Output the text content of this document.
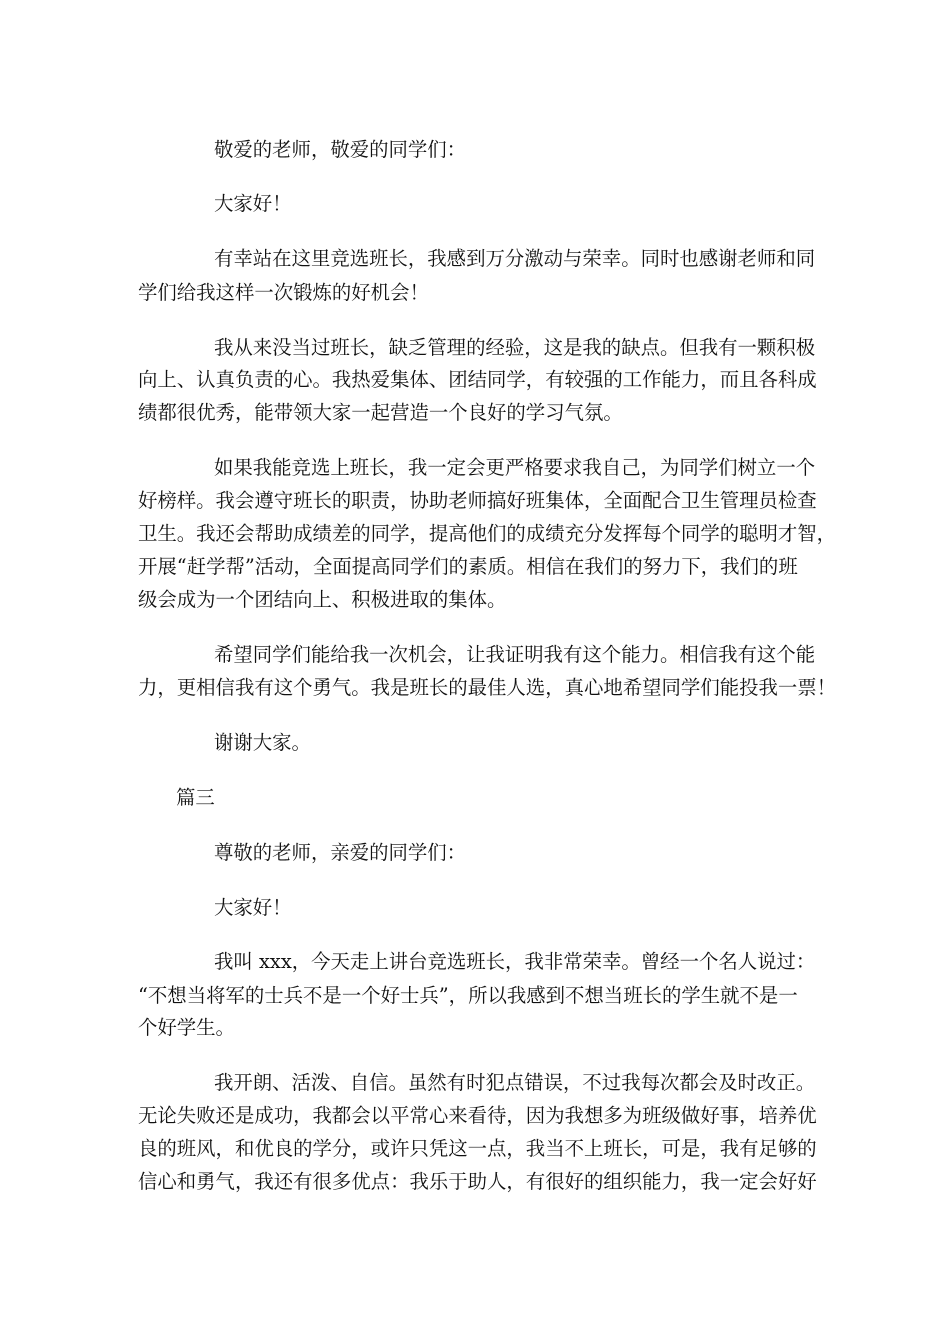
敬爱的老师，敬爱的同学们：
大家好！
有幸站在这里竞选班长，我感到万分激动与荣幸。同时也感谢老师和同
学们给我这样一次锻炼的好机会！
我从来没当过班长，缺乏管理的经验，这是我的缺点。但我有一颗积极
向上、认真负责的心。我热爱集体、团结同学，有较强的工作能力，而且各科成
绩都很优秀，能带领大家一起营造一个良好的学习气氛。
如果我能竞选上班长，我一定会更严格要求我自己，为同学们树立一个
好榜样。我会遵守班长的职责，协助老师搞好班集体，全面配合卫生管理员检查
卫生。我还会帮助成绩差的同学，提高他们的成绩充分发挥每个同学的聪明才智，
开展“赶学帮”活动，全面提高同学们的素质。相信在我们的努力下，我们的班
级会成为一个团结向上、积极进取的集体。
希望同学们能给我一次机会，让我证明我有这个能力。相信我有这个能
力，更相信我有这个勇气。我是班长的最佳人选，真心地希望同学们能投我一票！
谢谢大家。
篇三
尊敬的老师，亲爱的同学们：
大家好！
我叫 xxx，今天走上讲台竞选班长，我非常荣幸。曾经一个名人说过：
“不想当将军的士兵不是一个好士兵”，所以我感到不想当班长的学生就不是一
个好学生。
我开朗、活泼、自信。虽然有时犯点错误，不过我每次都会及时改正。
无论失败还是成功，我都会以平常心来看待，因为我想多为班级做好事，培养优
良的班风，和优良的学分，或许只凭这一点，我当不上班长，可是，我有足够的
信心和勇气，我还有很多优点：我乐于助人，有很好的组织能力，我一定会好好
